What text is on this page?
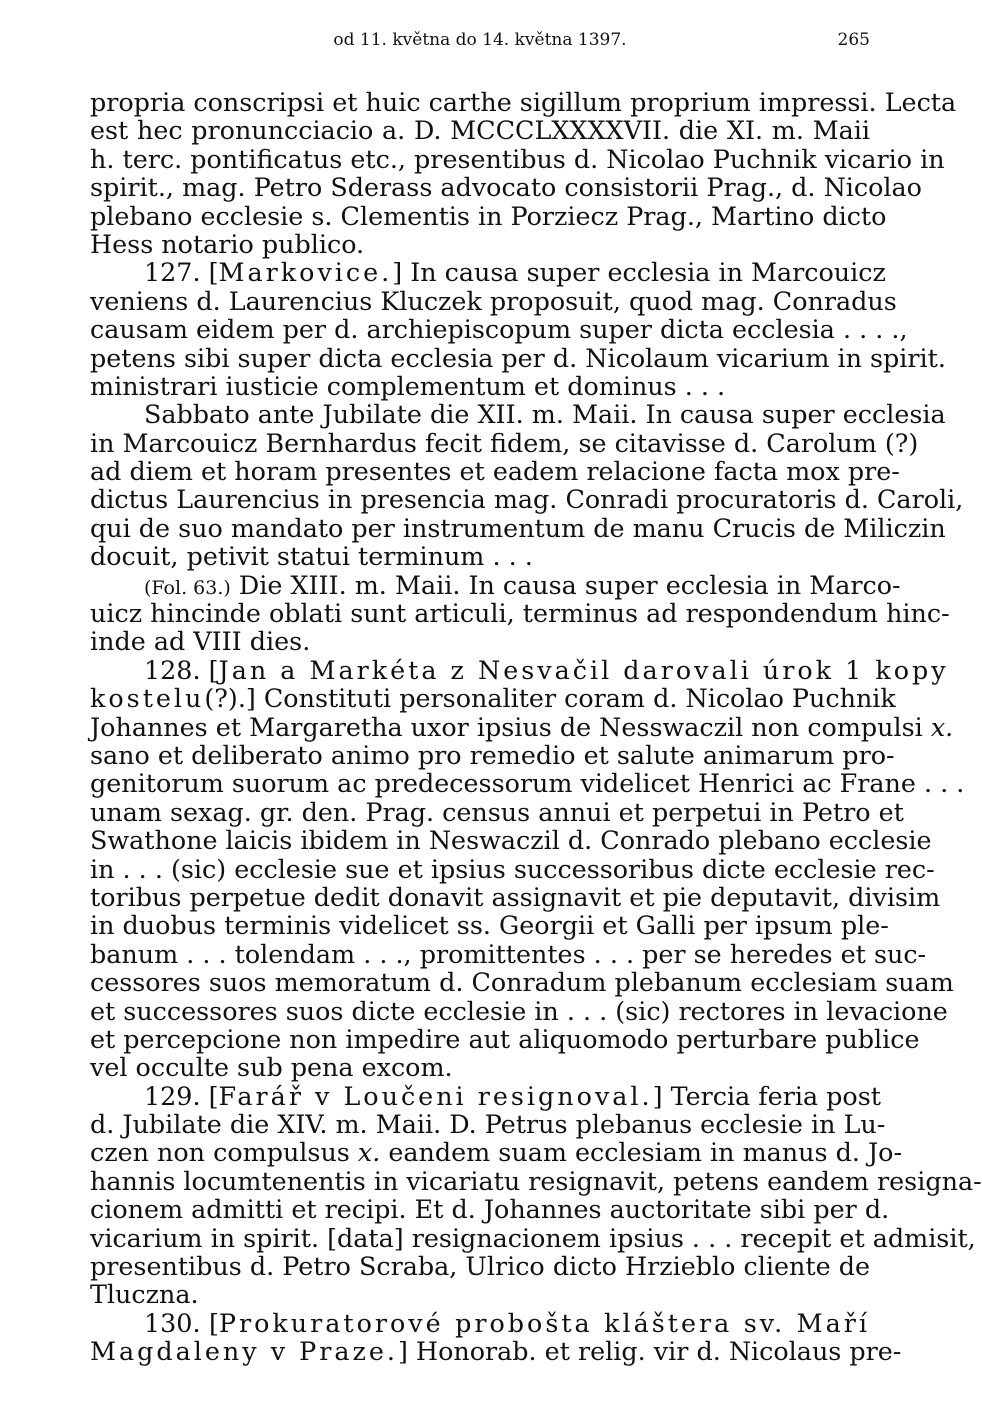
od 11. května do 14. května 1397.	265
propria conscripsi et huic carthe sigillum proprium impressi. Lecta
est hec pronuncciacio a. D. MCCCLXXXXVII. die XI. m. Maii
h. terc. pontificatus etc., presentibus d. Nicolao Puchnik vicario in
spirit., mag. Petro Sderass advocato consistorii Prag., d. Nicolao
plebano ecclesie s. Clementis in Porziecz Prag., Martino dicto
Hess notario publico.
127. [Markovice.] In causa super ecclesia in Marcouicz
veniens d. Laurencius Kluczek proposuit, quod mag. Conradus
causam eidem per d. archiepiscopum super dicta ecclesia . . . .,
petens sibi super dicta ecclesia per d. Nicolaum vicarium in spirit.
ministrari iusticie complementum et dominus . . .
Sabbato ante Jubilate die XII. m. Maii. In causa super ecclesia
in Marcouicz Bernhardus fecit fidem, se citavisse d. Carolum (?)
ad diem et horam presentes et eadem relacione facta mox pre-
dictus Laurencius in presencia mag. Conradi procuratoris d. Caroli,
qui de suo mandato per instrumentum de manu Crucis de Miliczin
docuit, petivit statui terminum . . .
(Fol. 63.) Die XIII. m. Maii. In causa super ecclesia in Marco-
uicz hincinde oblati sunt articuli, terminus ad respondendum hinc-
inde ad VIII dies.
128. [Jan a Markéta z Nesvačil darovali úrok 1 kopy
kostelu(?).] Constituti personaliter coram d. Nicolao Puchnik
Johannes et Margaretha uxor ipsius de Nesswaczil non compulsi x.
sano et deliberato animo pro remedio et salute animarum pro-
genitorum suorum ac predecessorum videlicet Henrici ac Frane . . .
unam sexag. gr. den. Prag. census annui et perpetui in Petro et
Swathone laicis ibidem in Neswaczil d. Conrado plebano ecclesie
in . . . (sic) ecclesie sue et ipsius successoribus dicte ecclesie rec-
toribus perpetue dedit donavit assignavit et pie deputavit, divisim
in duobus terminis videlicet ss. Georgii et Galli per ipsum ple-
banum . . . tolendam . . ., promittentes . . . per se heredes et suc-
cessores suos memoratum d. Conradum plebanum ecclesiam suam
et successores suos dicte ecclesie in . . . (sic) rectores in levacione
et percepcione non impedire aut aliquomodo perturbare publice
vel occulte sub pena excom.
129. [Farář v Loučeni resignoval.] Tercia feria post
d. Jubilate die XIV. m. Maii. D. Petrus plebanus ecclesie in Lu-
czen non compulsus x. eandem suam ecclesiam in manus d. Jo-
hannis locumtenentis in vicariatu resignavit, petens eandem resigna-
cionem admitti et recipi. Et d. Johannes auctoritate sibi per d.
vicarium in spirit. [data] resignacionem ipsius . . . recepit et admisit,
presentibus d. Petro Scraba, Ulrico dicto Hrzieblo cliente de
Tluczna.
130. [Prokuratorové probošta kláštera sv. Maří
Magdaleny v Praze.] Honorab. et relig. vir d. Nicolaus pre-
